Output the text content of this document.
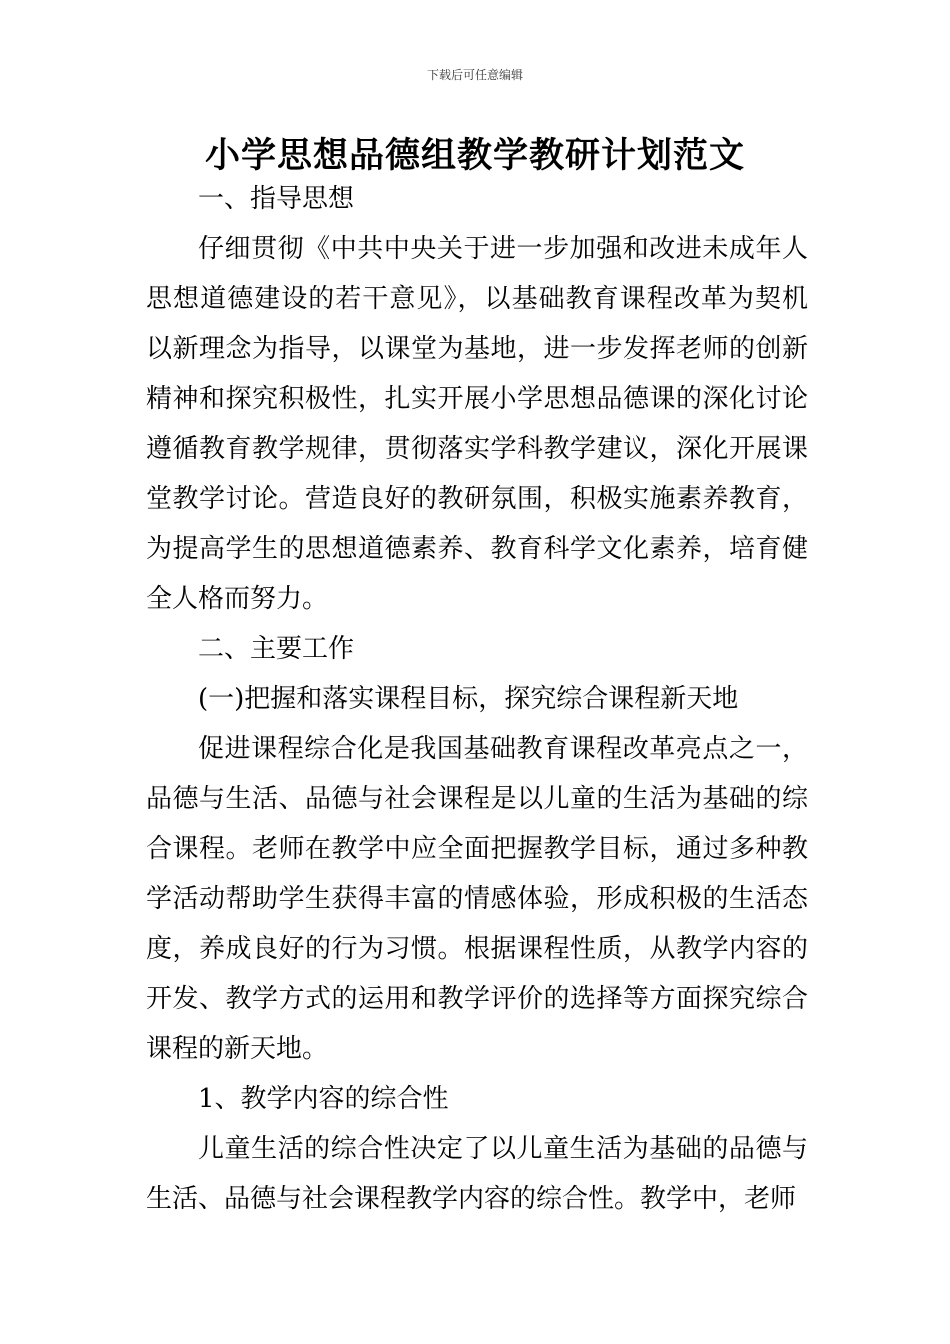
下载后可任意编辑
小学思想品德组教学教研计划范文

一、指导思想

仔细贯彻《中共中央关于进一步加强和改进未成年人思想道德建设的若干意见》，以基础教育课程改革为契机以新理念为指导，以课堂为基地，进一步发挥老师的创新精神和探究积极性，扎实开展小学思想品德课的深化讨论遵循教育教学规律，贯彻落实学科教学建议，深化开展课堂教学讨论。营造良好的教研氛围，积极实施素养教育，为提高学生的思想道德素养、教育科学文化素养，培育健全人格而努力。

二、主要工作

(一)把握和落实课程目标，探究综合课程新天地

促进课程综合化是我国基础教育课程改革亮点之一，品德与生活、品德与社会课程是以儿童的生活为基础的综合课程。老师在教学中应全面把握教学目标，通过多种教学活动帮助学生获得丰富的情感体验，形成积极的生活态度，养成良好的行为习惯。根据课程性质，从教学内容的开发、教学方式的运用和教学评价的选择等方面探究综合课程的新天地。

1、教学内容的综合性

儿童生活的综合性决定了以儿童生活为基础的品德与生活、品德与社会课程教学内容的综合性。教学中，老师
